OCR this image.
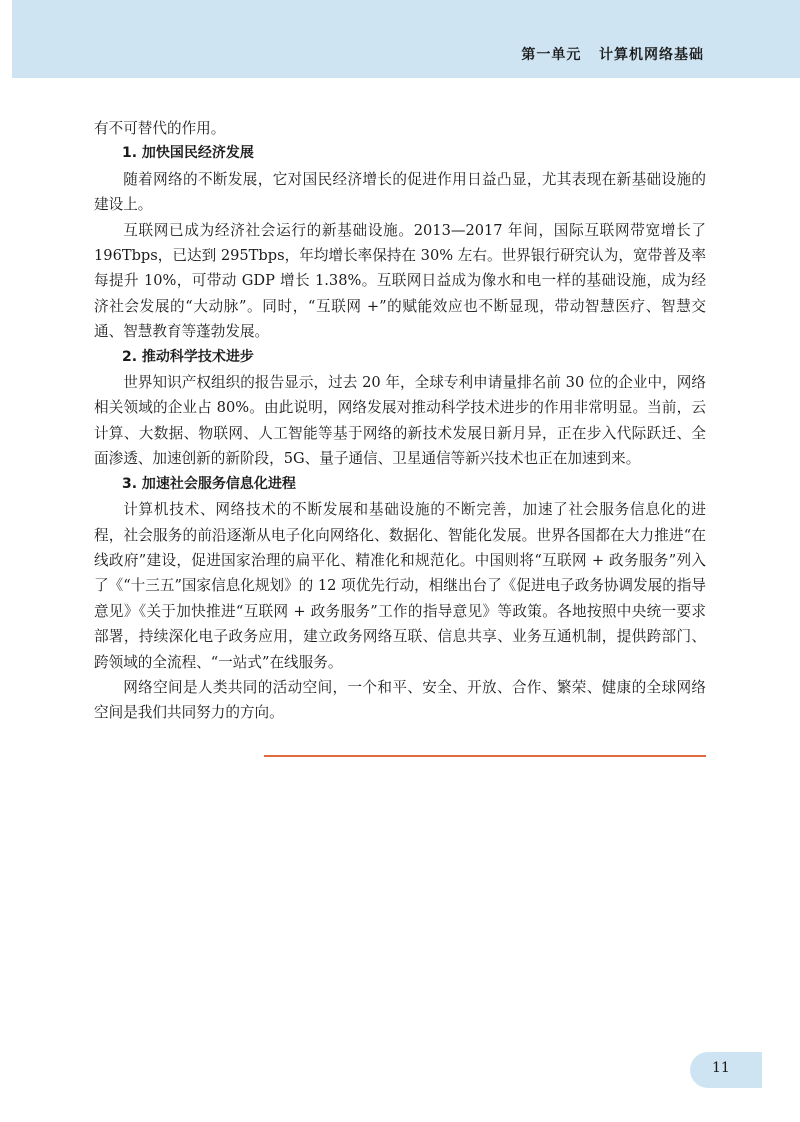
第一单元   计算机网络基础

有不可替代的作用。

1. 加快国民经济发展

随着网络的不断发展，它对国民经济增长的促进作用日益凸显，尤其表现在新基础设施的建设上。

互联网已成为经济社会运行的新基础设施。2013—2017 年间，国际互联网带宽增长了 196Tbps，已达到 295Tbps，年均增长率保持在 30% 左右。世界银行研究认为，宽带普及率每提升 10%，可带动 GDP 增长 1.38%。互联网日益成为像水和电一样的基础设施，成为经济社会发展的“大动脉”。同时，“互联网 +”的赋能效应也不断显现，带动智慧医疗、智慧交通、智慧教育等蓬勃发展。

2. 推动科学技术进步

世界知识产权组织的报告显示，过去 20 年，全球专利申请量排名前 30 位的企业中，网络相关领域的企业占 80%。由此说明，网络发展对推动科学技术进步的作用非常明显。当前，云计算、大数据、物联网、人工智能等基于网络的新技术发展日新月异，正在步入代际跃迁、全面渗透、加速创新的新阶段，5G、量子通信、卫星通信等新兴技术也正在加速到来。

3. 加速社会服务信息化进程

计算机技术、网络技术的不断发展和基础设施的不断完善，加速了社会服务信息化的进程，社会服务的前沿逐渐从电子化向网络化、数据化、智能化发展。世界各国都在大力推进“在线政府”建设，促进国家治理的扁平化、精准化和规范化。中国则将“互联网 + 政务服务”列入了《“十三五”国家信息化规划》的 12 项优先行动，相继出台了《促进电子政务协调发展的指导意见》《关于加快推进“互联网 + 政务服务”工作的指导意见》等政策。各地按照中央统一要求部署，持续深化电子政务应用，建立政务网络互联、信息共享、业务互通机制，提供跨部门、跨领域的全流程、“一站式”在线服务。

网络空间是人类共同的活动空间，一个和平、安全、开放、合作、繁荣、健康的全球网络空间是我们共同努力的方向。

11
